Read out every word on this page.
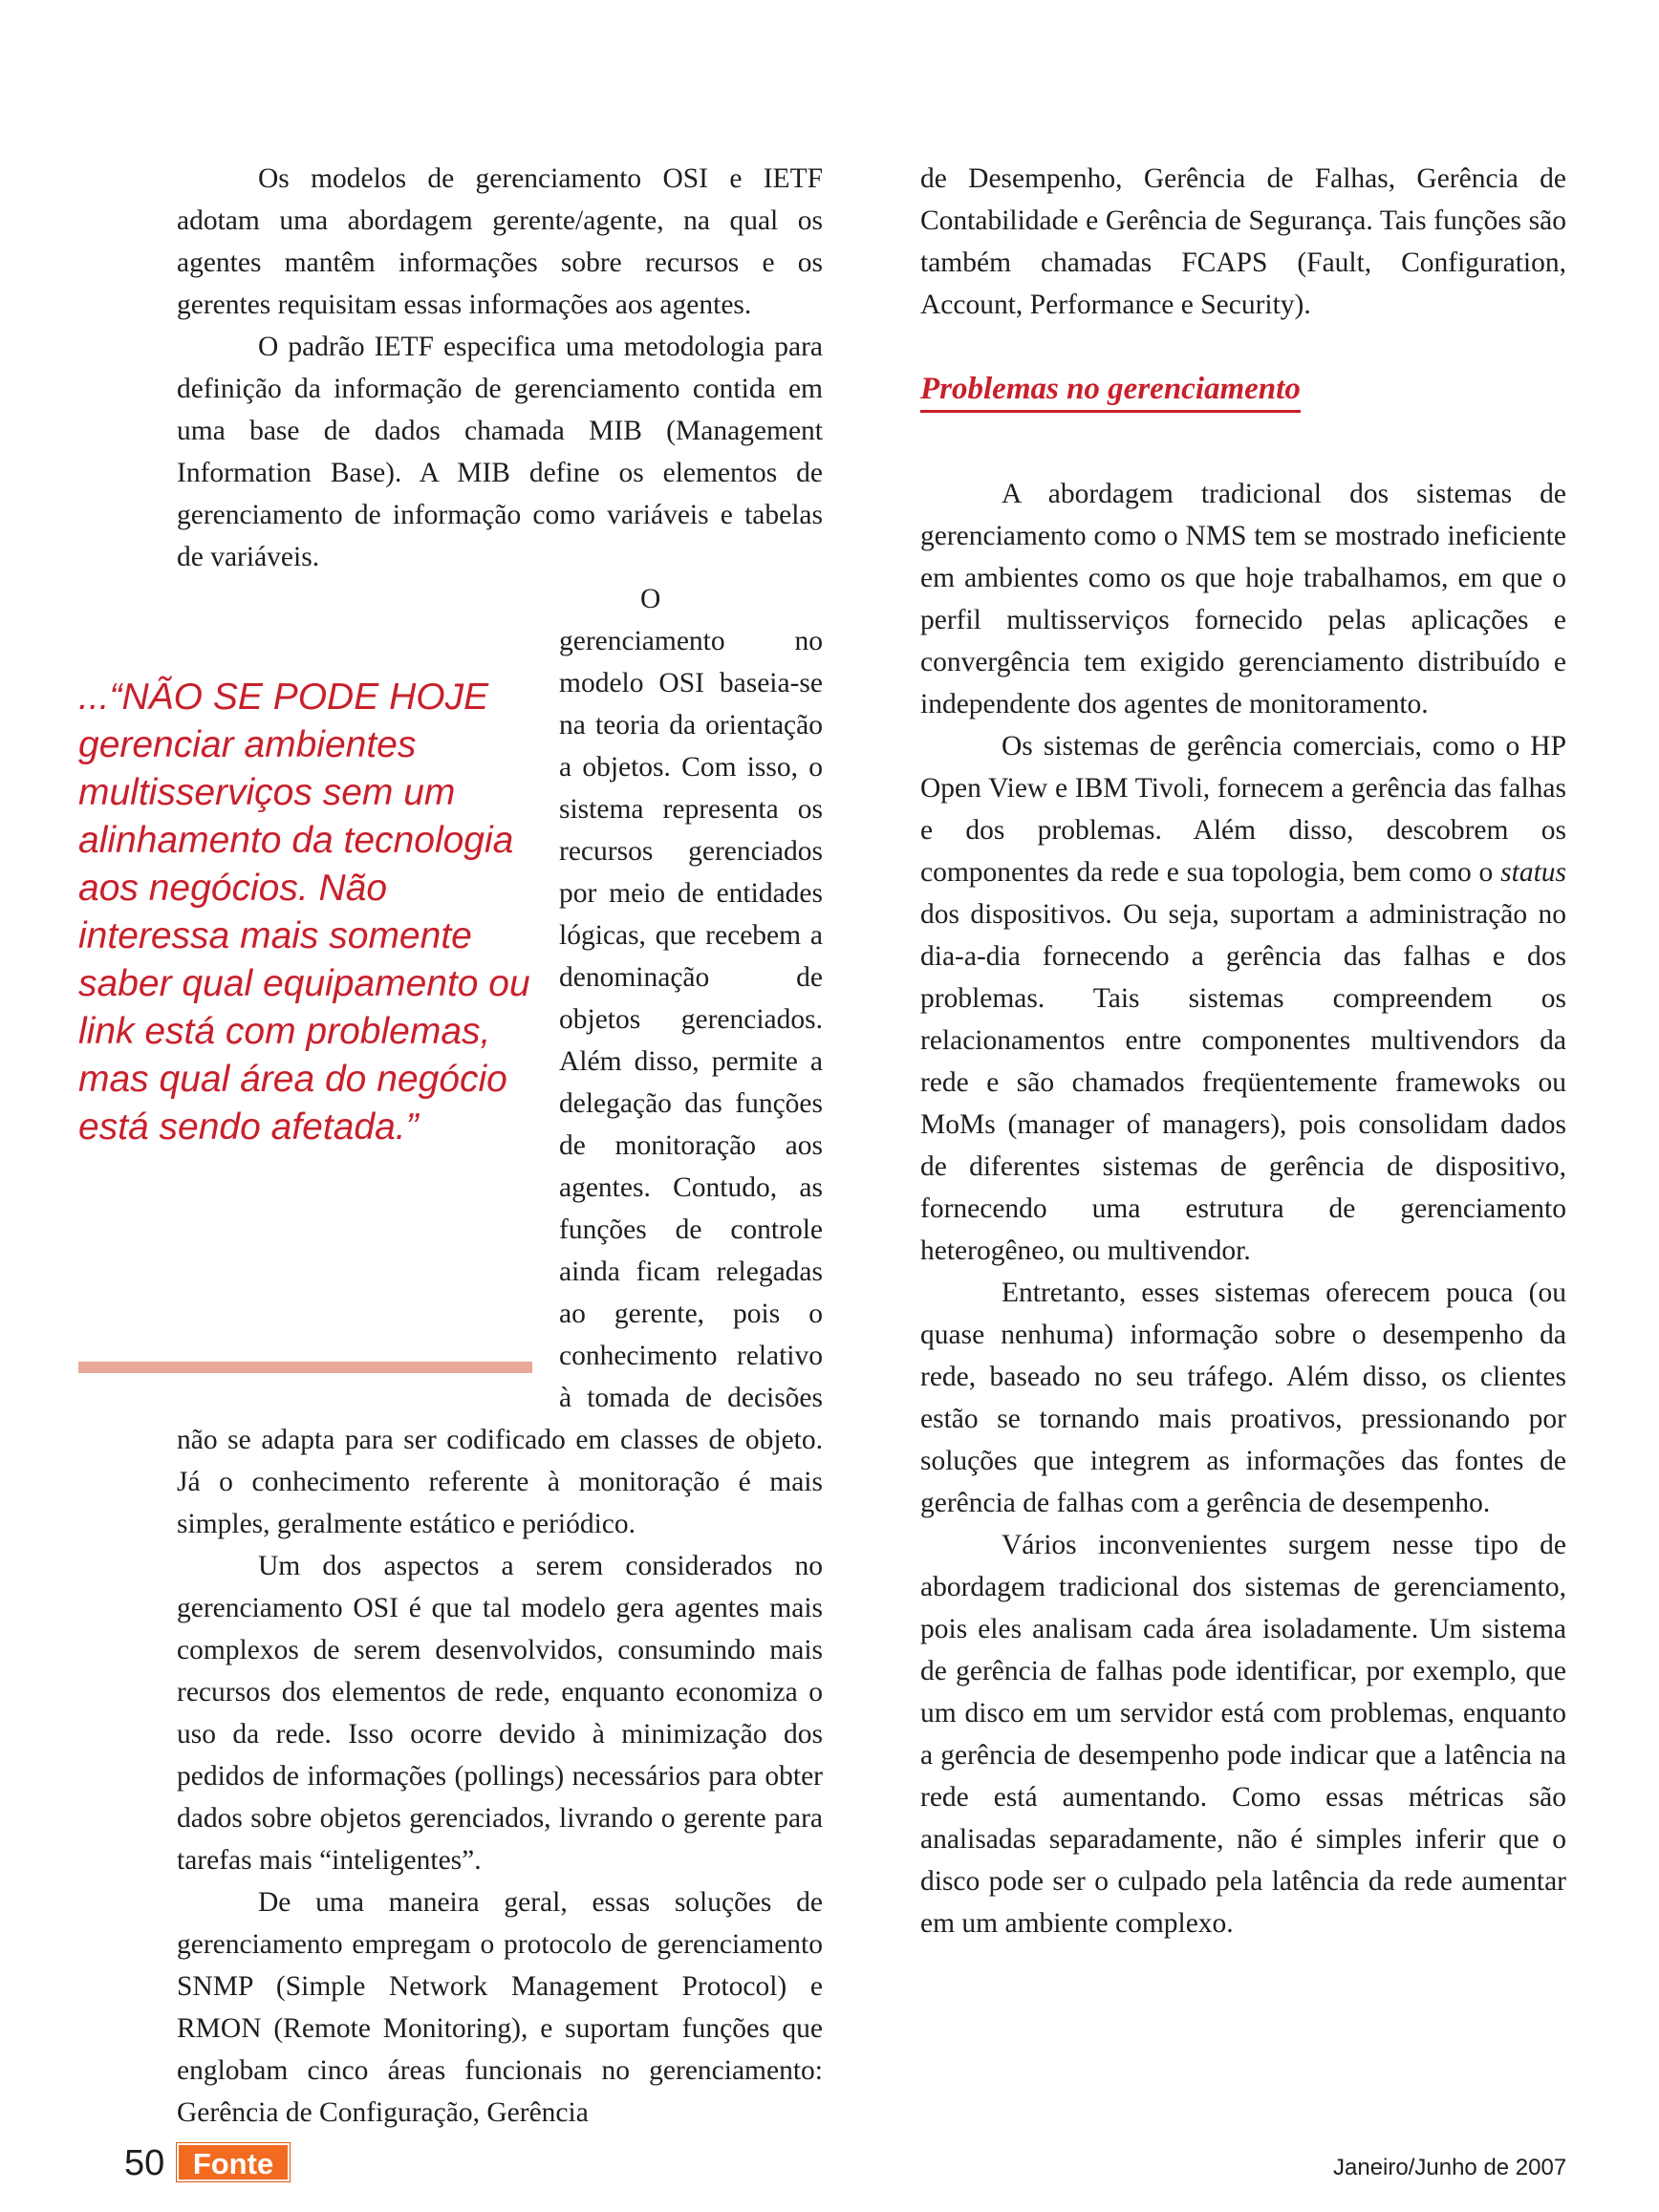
Os modelos de gerenciamento OSI e IETF adotam uma abordagem gerente/agente, na qual os agentes mantêm informações sobre recursos e os gerentes requisitam essas informações aos agentes.

O padrão IETF especifica uma metodologia para definição da informação de gerenciamento contida em uma base de dados chamada MIB (Management Information Base). A MIB define os elementos de gerenciamento de informação como variáveis e tabelas de variáveis.

...“NÃO SE PODE HOJE gerenciar ambientes multisserviços sem um alinhamento da tecnologia aos negócios. Não interessa mais somente saber qual equipamento ou link está com problemas, mas qual área do negócio está sendo afetada.”
O gerenciamento no modelo OSI baseia-se na teoria da orientação a objetos. Com isso, o sistema representa os recursos gerenciados por meio de entidades lógicas, que recebem a denominação de objetos gerenciados. Além disso, permite a delegação das funções de monitoração aos agentes. Contudo, as funções de controle ainda ficam relegadas ao gerente, pois o conhecimento relativo à tomada de decisões não se adapta para ser codificado em classes de objeto. Já o conhecimento referente à monitoração é mais simples, geralmente estático e periódico.

Um dos aspectos a serem considerados no gerenciamento OSI é que tal modelo gera agentes mais complexos de serem desenvolvidos, consumindo mais recursos dos elementos de rede, enquanto economiza o uso da rede. Isso ocorre devido à minimização dos pedidos de informações (pollings) necessários para obter dados sobre objetos gerenciados, livrando o gerente para tarefas mais “inteligentes”.

De uma maneira geral, essas soluções de gerenciamento empregam o protocolo de gerenciamento SNMP (Simple Network Management Protocol) e RMON (Remote Monitoring), e suportam funções que englobam cinco áreas funcionais no gerenciamento: Gerência de Configuração, Gerência

de Desempenho, Gerência de Falhas, Gerência de Contabilidade e Gerência de Segurança. Tais funções são também chamadas FCAPS (Fault, Configuration, Account, Performance e Security).

Problemas no gerenciamento

A abordagem tradicional dos sistemas de gerenciamento como o NMS tem se mostrado ineficiente em ambientes como os que hoje trabalhamos, em que o perfil multisserviços fornecido pelas aplicações e convergência tem exigido gerenciamento distribuído e independente dos agentes de monitoramento.

Os sistemas de gerência comerciais, como o HP Open View e IBM Tivoli, fornecem a gerência das falhas e dos problemas. Além disso, descobrem os componentes da rede e sua topologia, bem como o status dos dispositivos. Ou seja, suportam a administração no dia-a-dia fornecendo a gerência das falhas e dos problemas. Tais sistemas compreendem os relacionamentos entre componentes multivendors da rede e são chamados freqüentemente framewoks ou MoMs (manager of managers), pois consolidam dados de diferentes sistemas de gerência de dispositivo, fornecendo uma estrutura de gerenciamento heterogêneo, ou multivendor.

Entretanto, esses sistemas oferecem pouca (ou quase nenhuma) informação sobre o desempenho da rede, baseado no seu tráfego. Além disso, os clientes estão se tornando mais proativos, pressionando por soluções que integrem as informações das fontes de gerência de falhas com a gerência de desempenho.

Vários inconvenientes surgem nesse tipo de abordagem tradicional dos sistemas de gerenciamento, pois eles analisam cada área isoladamente. Um sistema de gerência de falhas pode identificar, por exemplo, que um disco em um servidor está com problemas, enquanto a gerência de desempenho pode indicar que a latência na rede está aumentando. Como essas métricas são analisadas separadamente, não é simples inferir que o disco pode ser o culpado pela latência da rede aumentar em um ambiente complexo.

50 Fonte	Janeiro/Junho de 2007
